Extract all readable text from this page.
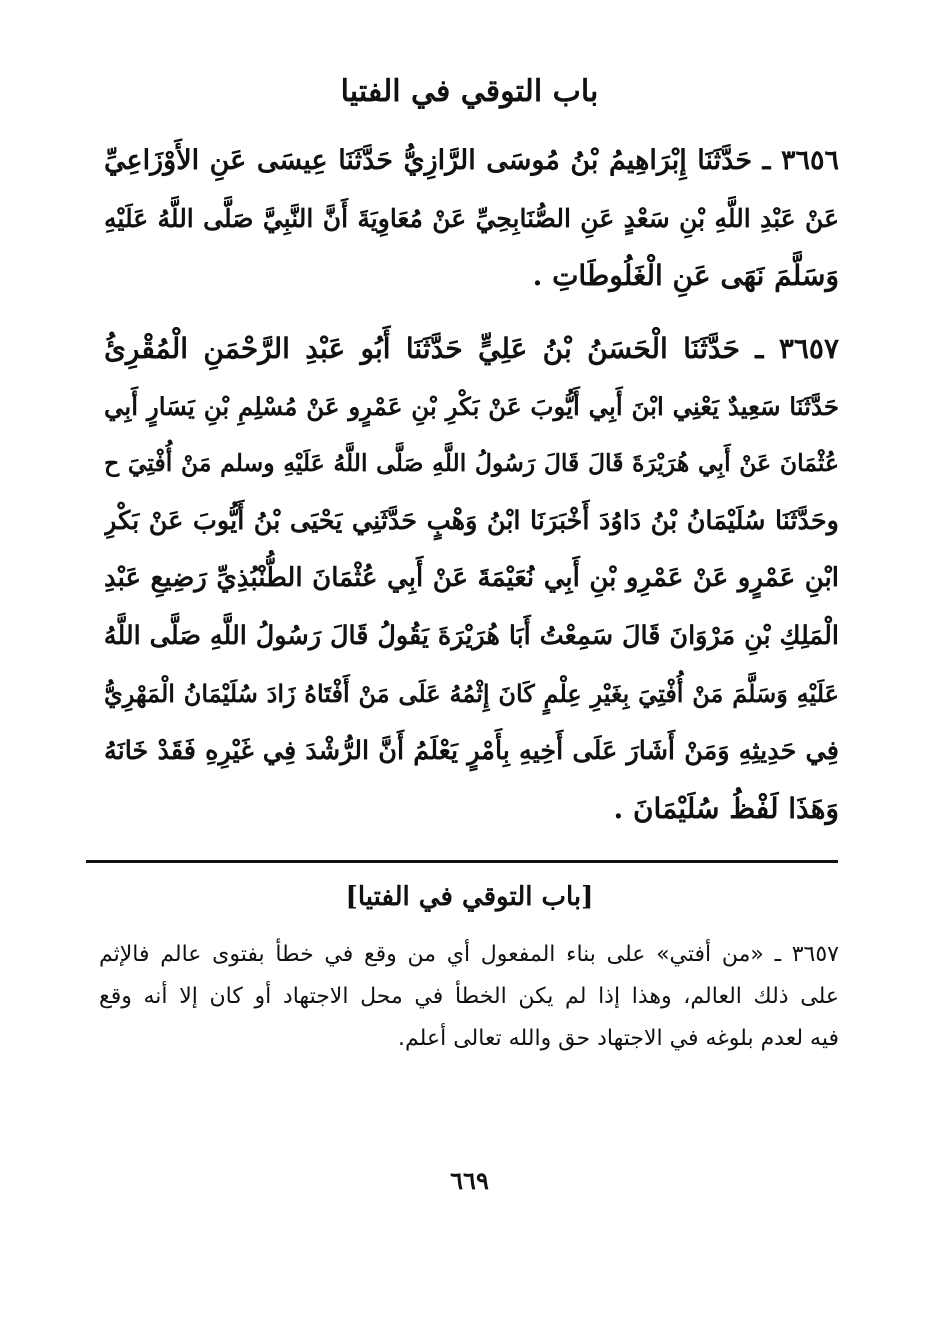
باب التوقي في الفتيا

٣٦٥٦ ـ حَدَّثَنَا إِبْرَاهِيمُ بْنُ مُوسَى الرَّازِيُّ حَدَّثَنَا عِيسَى عَنِ الأَوْزَاعِيِّ
عَنْ عَبْدِ اللَّهِ بْنِ سَعْدٍ عَنِ الصُّنَابِحِيِّ عَنْ مُعَاوِيَةَ أَنَّ النَّبِيَّ صَلَّى اللَّهُ عَلَيْهِ
وَسَلَّمَ نَهَى عَنِ الْغَلُوطَاتِ .

٣٦٥٧ ـ حَدَّثَنَا الْحَسَنُ بْنُ عَلِيٍّ حَدَّثَنَا أَبُو عَبْدِ الرَّحْمَنِ الْمُقْرِئُ
حَدَّثَنَا سَعِيدٌ يَعْنِي ابْنَ أَبِي أَيُّوبَ عَنْ بَكْرِ بْنِ عَمْرٍو عَنْ مُسْلِمِ بْنِ يَسَارٍ أَبِي
عُثْمَانَ عَنْ أَبِي هُرَيْرَةَ قَالَ قَالَ رَسُولُ اللَّهِ صَلَّى اللَّهُ عَلَيْهِ وسلم مَنْ أُفْتِيَ ح
وحَدَّثَنَا سُلَيْمَانُ بْنُ دَاوُدَ أَخْبَرَنَا ابْنُ وَهْبٍ حَدَّثَنِي يَحْيَى بْنُ أَيُّوبَ عَنْ بَكْرِ
ابْنِ عَمْرٍو عَنْ عَمْرِو بْنِ أَبِي نُعَيْمَةَ عَنْ أَبِي عُثْمَانَ الطُّنْبُذِيِّ رَضِيعِ عَبْدِ
الْمَلِكِ بْنِ مَرْوَانَ قَالَ سَمِعْتُ أَبَا هُرَيْرَةَ يَقُولُ قَالَ رَسُولُ اللَّهِ صَلَّى اللَّهُ
عَلَيْهِ وَسَلَّمَ مَنْ أُفْتِيَ بِغَيْرِ عِلْمٍ كَانَ إِثْمُهُ عَلَى مَنْ أَفْتَاهُ زَادَ سُلَيْمَانُ الْمَهْرِيُّ
فِي حَدِيثِهِ وَمَنْ أَشَارَ عَلَى أَخِيهِ بِأَمْرٍ يَعْلَمُ أَنَّ الرُّشْدَ فِي غَيْرِهِ فَقَدْ خَانَهُ
وَهَذَا لَفْظُ سُلَيْمَانَ .

[باب التوقي في الفتيا]

٣٦٥٧ ـ «من أفتي» على بناء المفعول أي من وقع في خطأ بفتوى عالم فالإثم
على ذلك العالم، وهذا إذا لم يكن الخطأ في محل الاجتهاد أو كان إلا أنه وقع
فيه لعدم بلوغه في الاجتهاد حق والله تعالى أعلم.

٦٦٩
